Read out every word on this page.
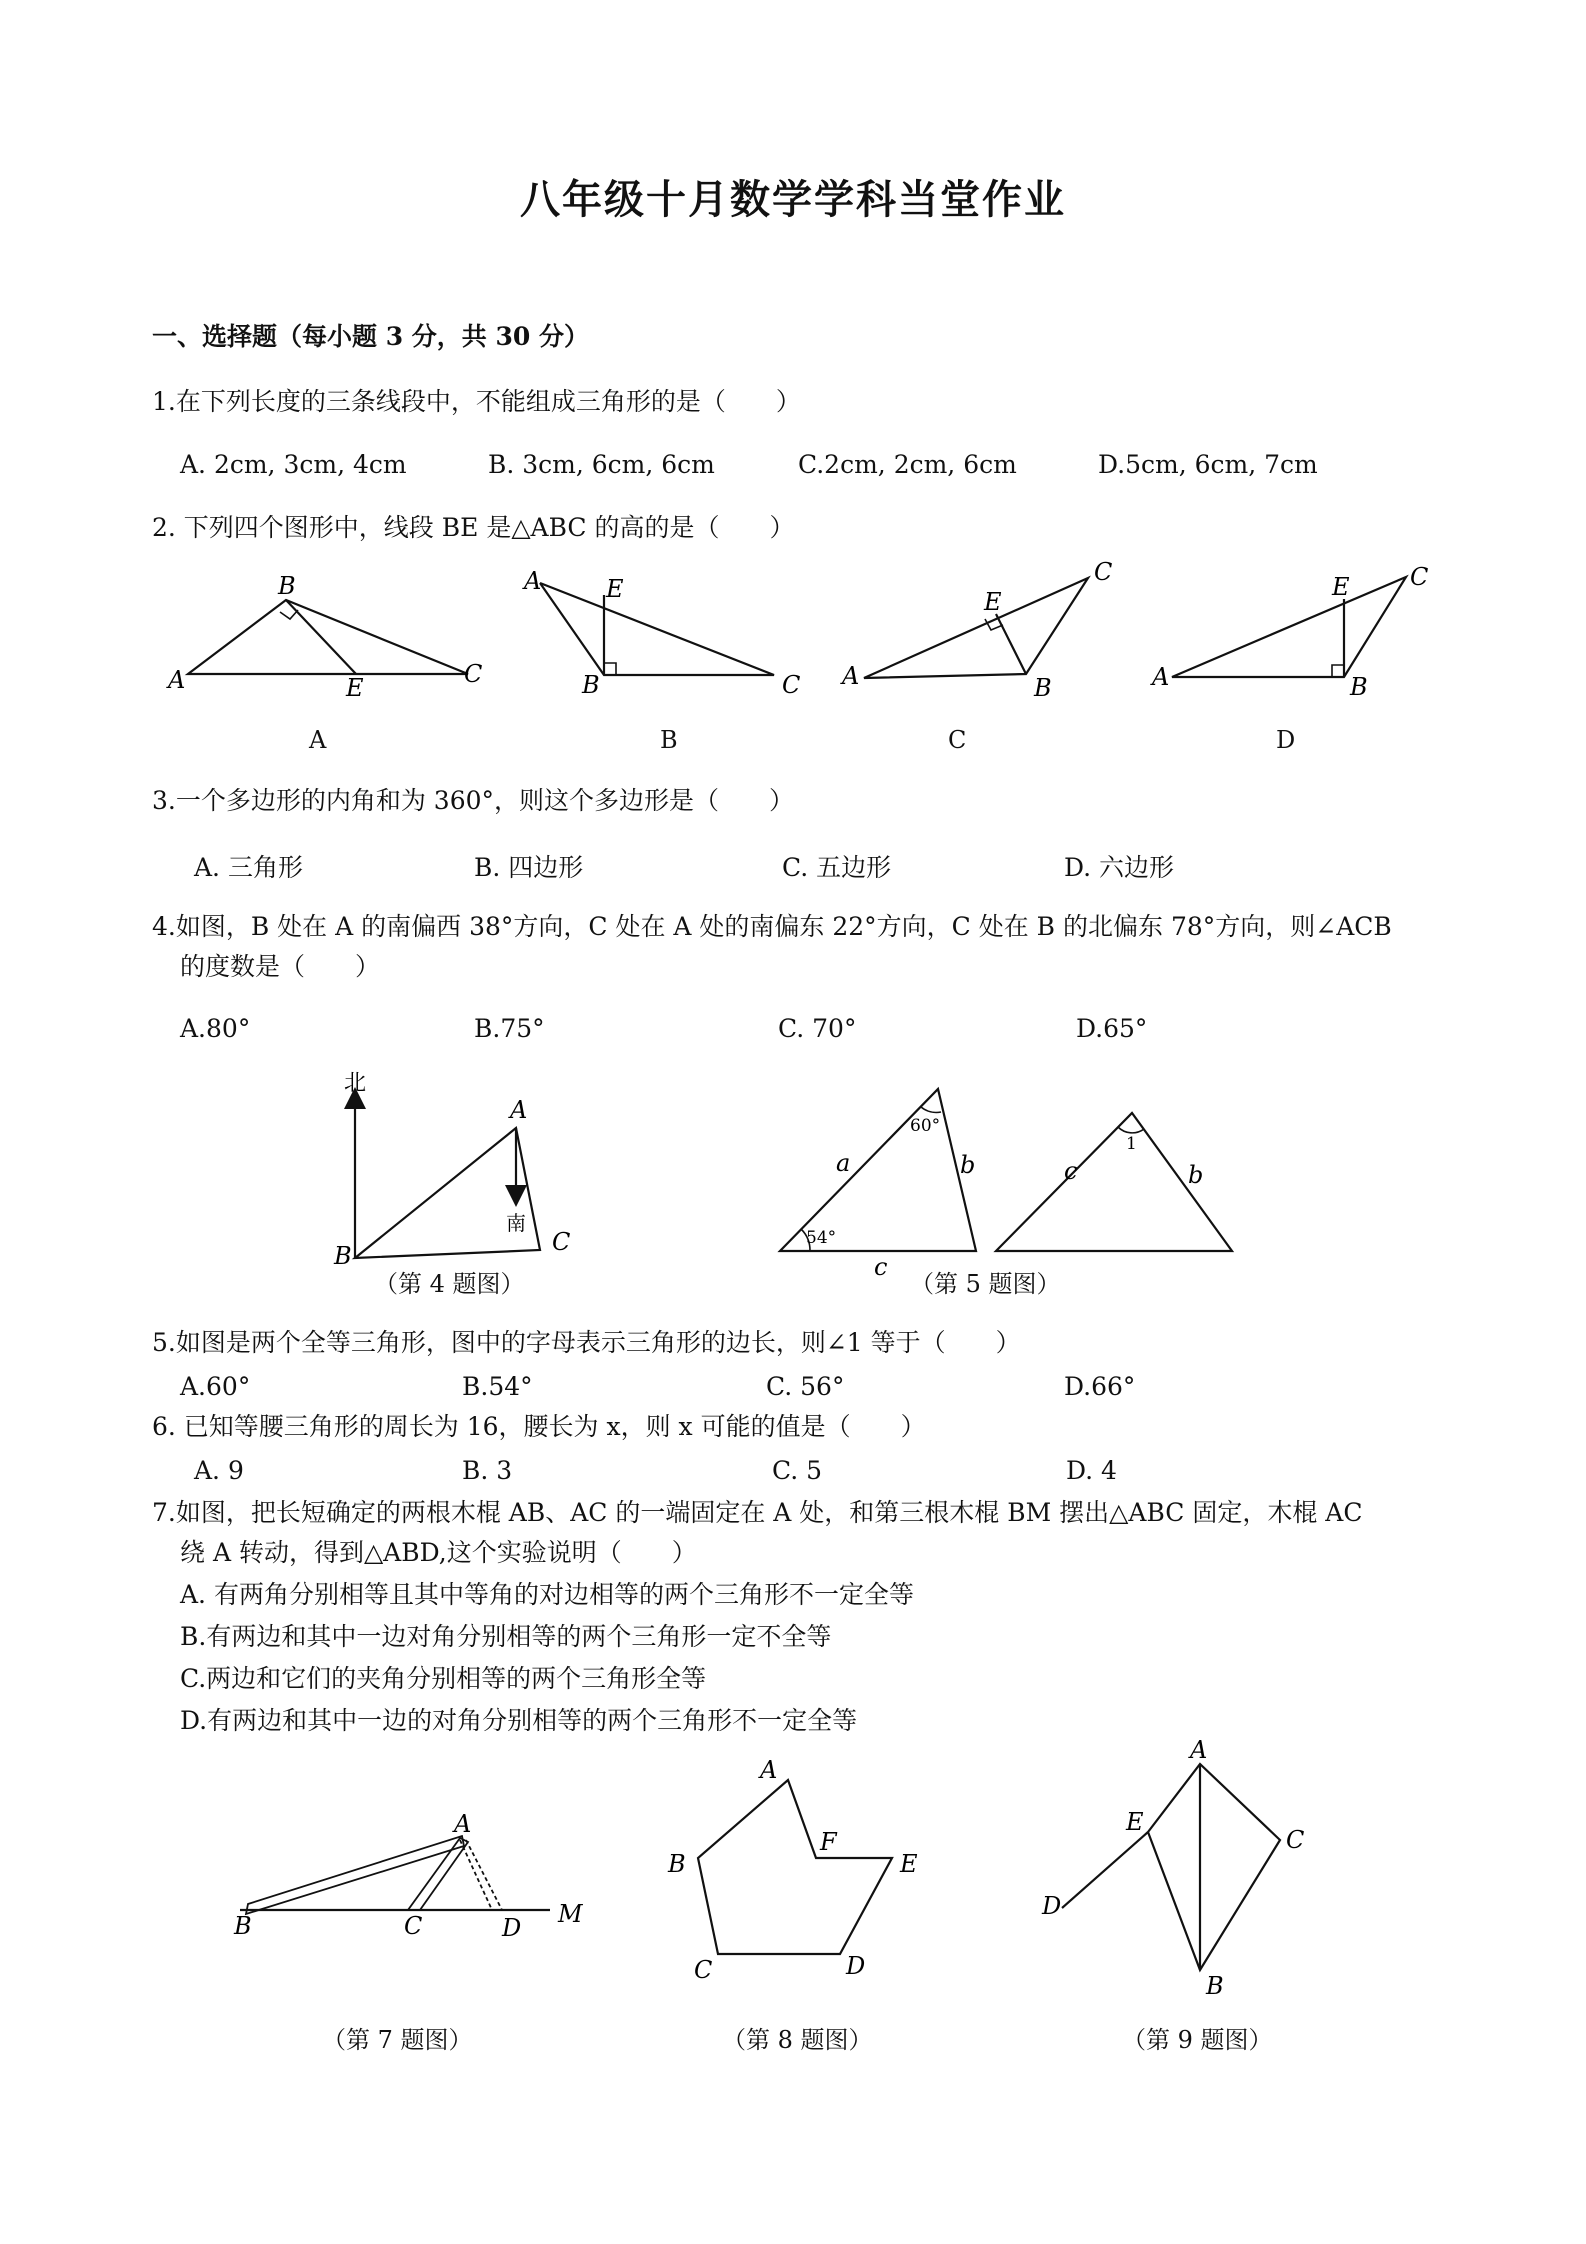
八年级十月数学学科当堂作业
一、选择题（每小题 3 分，共 30 分）
1.在下列长度的三条线段中，不能组成三角形的是（　　）
A. 2cm, 3cm, 4cm	B. 3cm, 6cm, 6cm	C.2cm, 2cm, 6cm	D.5cm, 6cm, 7cm
2. 下列四个图形中，线段 BE 是△ABC 的高的是（　　）
B
A	E	C
A
A	E
B	C
B
A
E
B
C
C
A
E
B
C
D
3.一个多边形的内角和为 360°，则这个多边形是（　　）
A. 三角形	B. 四边形	C. 五边形	D. 六边形
4.如图，B 处在 A 的南偏西 38°方向，C 处在 A 处的南偏东 22°方向，C 处在 B 的北偏东 78°方向，则∠ACB
的度数是（　　）
A.80°	B.75°	C. 70°	D.65°
北
南
A
B	C
（第 4 题图）
60°
54°
a	b
c
1
c	b
（第 5 题图）
5.如图是两个全等三角形，图中的字母表示三角形的边长，则∠1 等于（　　）
A.60°	B.54°	C. 56°	D.66°
6. 已知等腰三角形的周长为 16，腰长为 x，则 x 可能的值是（　　）
A. 9	B. 3	C. 5	D. 4
7.如图，把长短确定的两根木棍 AB、AC 的一端固定在 A 处，和第三根木棍 BM 摆出△ABC 固定，木棍 AC
绕 A 转动，得到△ABD,这个实验说明（　　）
A. 有两角分别相等且其中等角的对边相等的两个三角形不一定全等
B.有两边和其中一边对角分别相等的两个三角形一定不全等
C.两边和它们的夹角分别相等的两个三角形全等
D.有两边和其中一边的对角分别相等的两个三角形不一定全等
A
B	C	D M
（第 7 题图）
A
F
E
D
C
B
（第 8 题图）
A
E
C
D
B
（第 9 题图）
